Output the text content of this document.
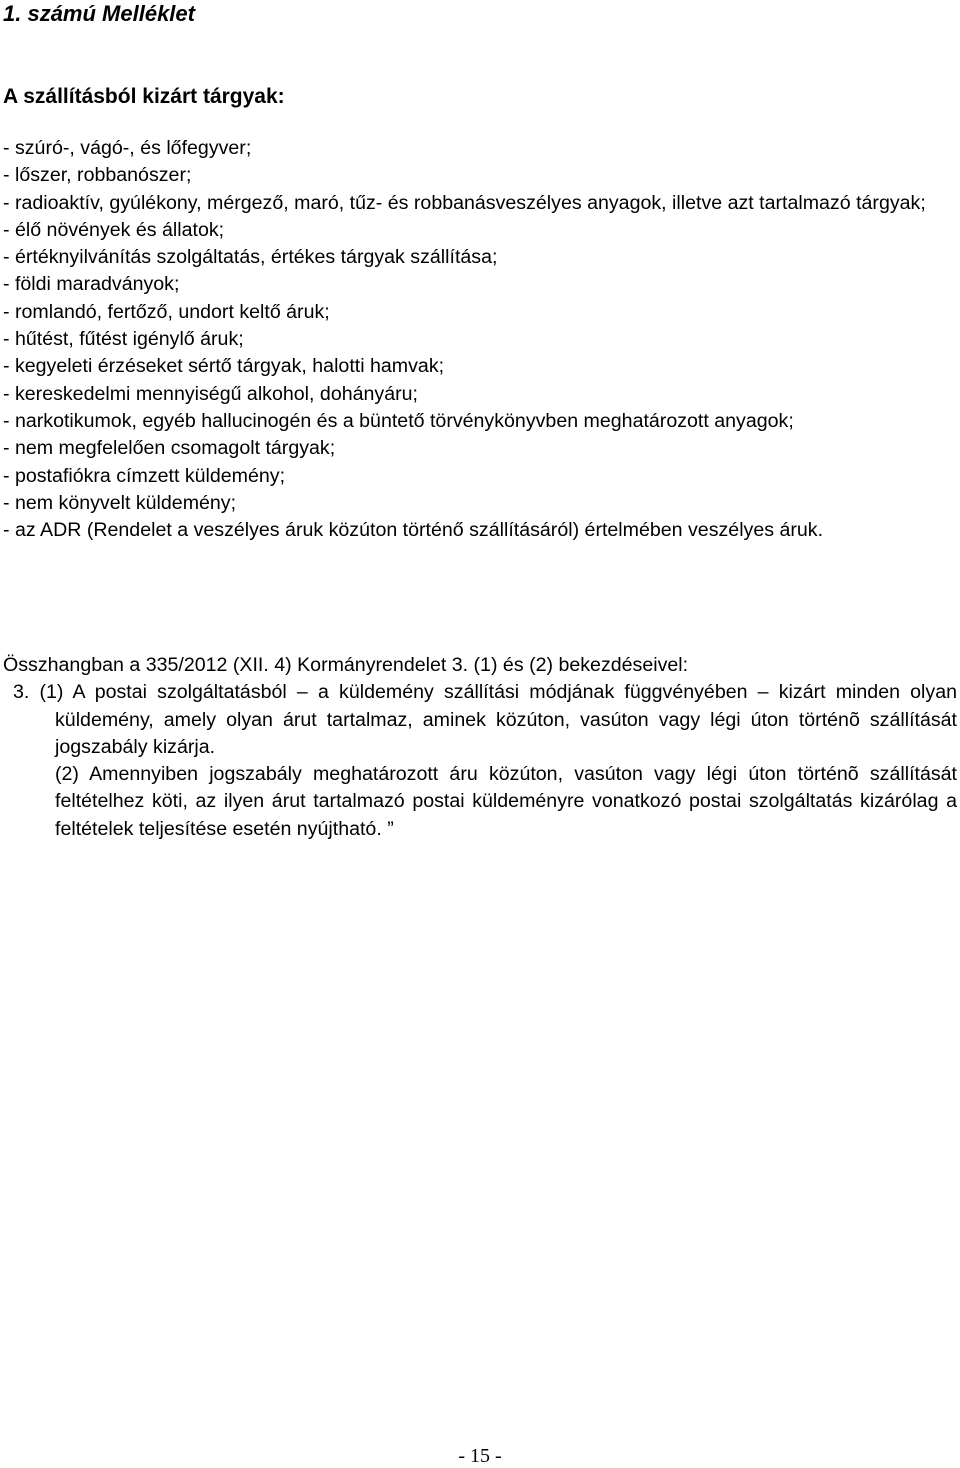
1. számú Melléklet

A szállításból kizárt tárgyak:

- szúró-, vágó-, és lőfegyver;
- lőszer, robbanószer;
- radioaktív, gyúlékony, mérgező, maró, tűz- és robbanásveszélyes anyagok, illetve azt tartalmazó tárgyak;
- élő növények és állatok;
- értéknyilvánítás szolgáltatás, értékes tárgyak szállítása;
- földi maradványok;
- romlandó, fertőző, undort keltő áruk;
- hűtést, fűtést igénylő áruk;
- kegyeleti érzéseket sértő tárgyak, halotti hamvak;
- kereskedelmi mennyiségű alkohol, dohányáru;
- narkotikumok, egyéb hallucinogén és a büntető törvénykönyvben meghatározott anyagok;
- nem megfelelően csomagolt tárgyak;
- postafiókra címzett küldemény;
- nem könyvelt küldemény;
- az ADR (Rendelet a veszélyes áruk közúton történő szállításáról) értelmében veszélyes áruk.

Összhangban a 335/2012 (XII. 4) Kormányrendelet 3. (1) és (2) bekezdéseivel:

3. (1) A postai szolgáltatásból – a küldemény szállítási módjának függvényében – kizárt minden olyan küldemény, amely olyan árut tartalmaz, aminek közúton, vasúton vagy légi úton történõ szállítását jogszabály kizárja.
(2) Amennyiben jogszabály meghatározott áru közúton, vasúton vagy légi úton történõ szállítását feltételhez köti, az ilyen árut tartalmazó postai küldeményre vonatkozó postai szolgáltatás kizárólag a feltételek teljesítése esetén nyújtható. ”

- 15 -
